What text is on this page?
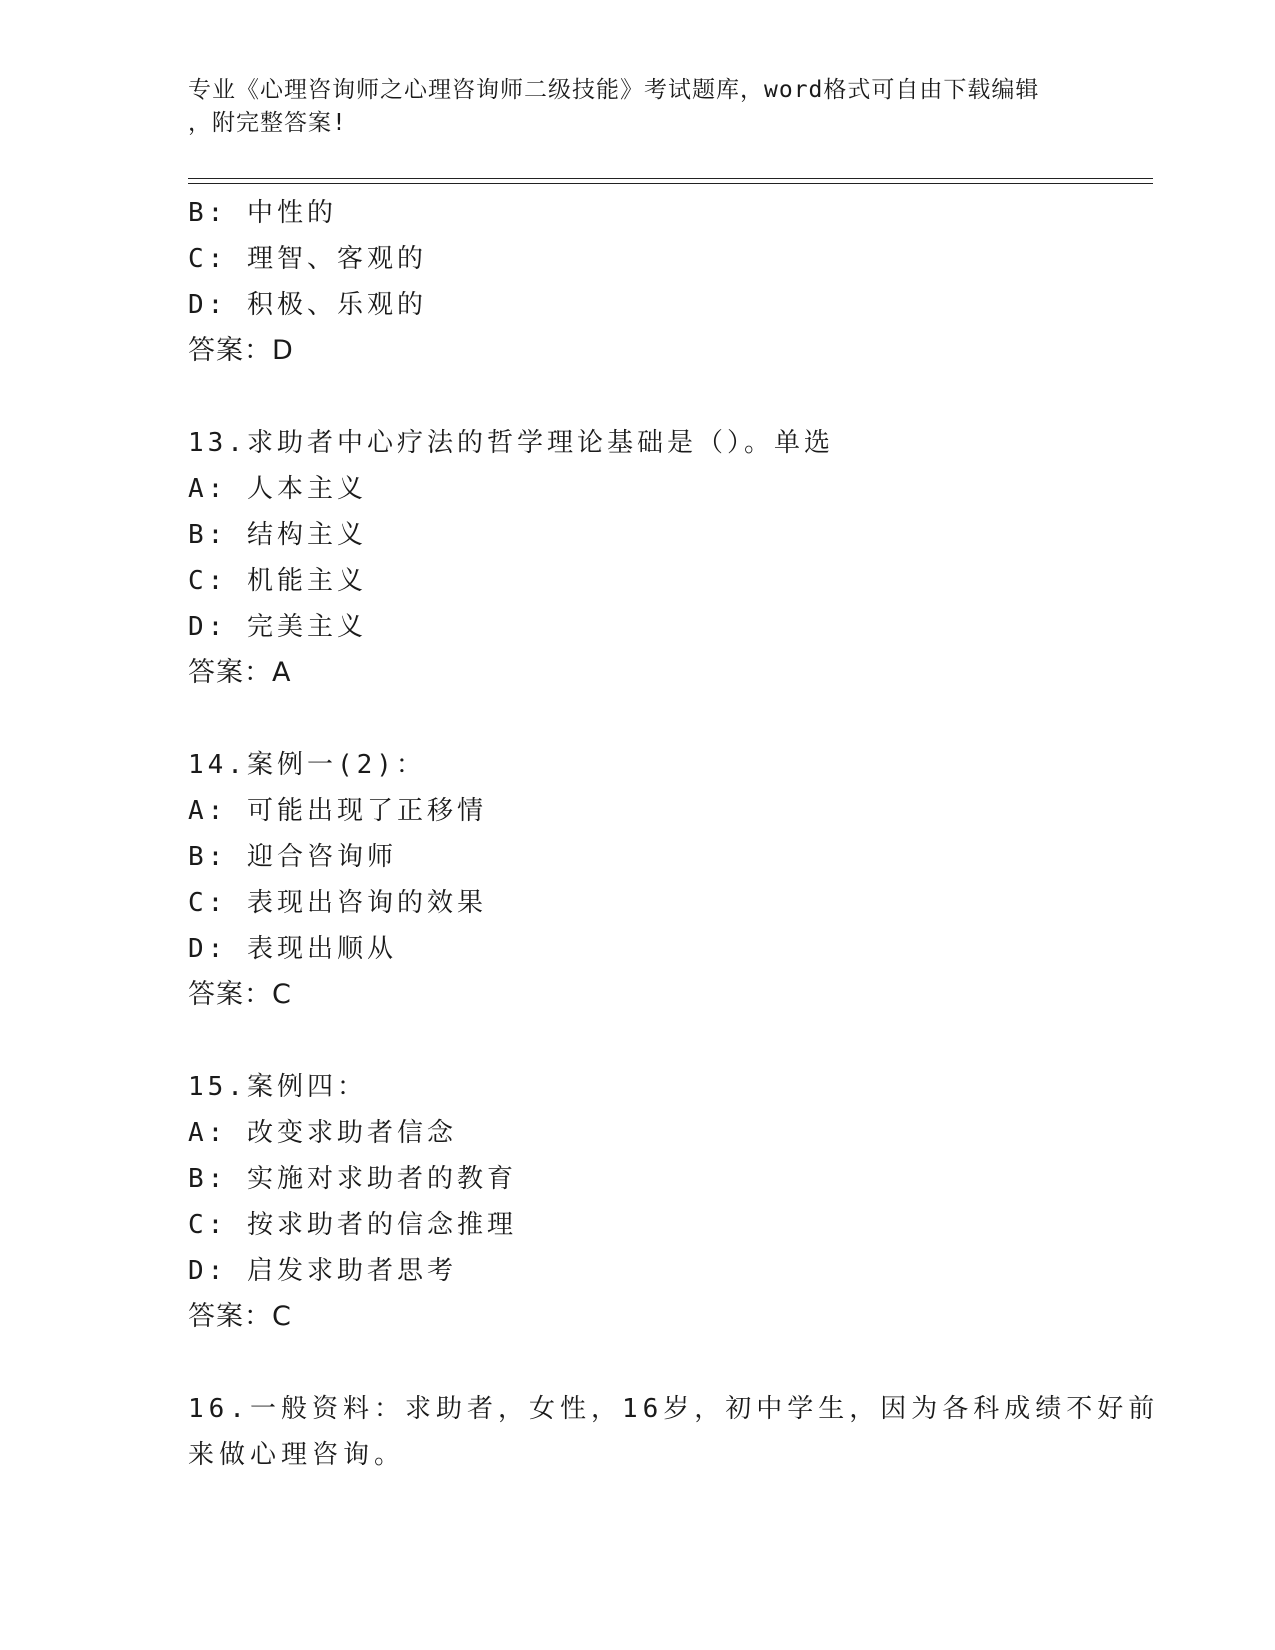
专业《心理咨询师之心理咨询师二级技能》考试题库，word格式可自由下载编辑
，附完整答案!
B: 中性的
C: 理智、客观的
D: 积极、乐观的
答案：D
13.求助者中心疗法的哲学理论基础是（）。单选
A: 人本主义
B: 结构主义
C: 机能主义
D: 完美主义
答案：A
14.案例一(2)：
A: 可能出现了正移情
B: 迎合咨询师
C: 表现出咨询的效果
D: 表现出顺从
答案：C
15.案例四：
A: 改变求助者信念
B: 实施对求助者的教育
C: 按求助者的信念推理
D: 启发求助者思考
答案：C
16.一般资料：求助者，女性，16岁，初中学生，因为各科成绩不好前
来做心理咨询。
